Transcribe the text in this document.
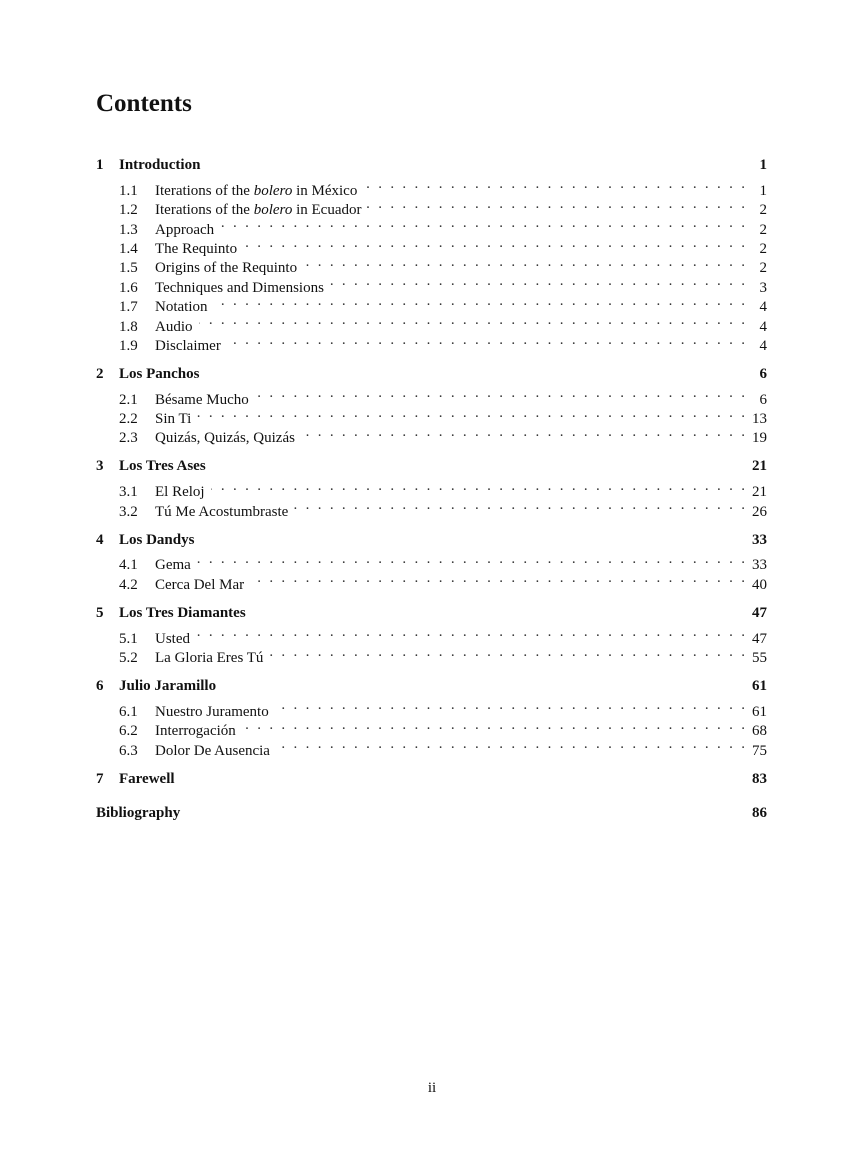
Contents
1	Introduction	1
1.1	Iterations of the bolero in México . . .	1
1.2	Iterations of the bolero in Ecuador . . .	2
1.3	Approach . . .	2
1.4	The Requinto . . .	2
1.5	Origins of the Requinto . . .	2
1.6	Techniques and Dimensions . . .	3
1.7	Notation . . .	4
1.8	Audio . . .	4
1.9	Disclaimer . . .	4
2	Los Panchos	6
2.1	Bésame Mucho . . .	6
2.2	Sin Ti . . .	13
2.3	Quizás, Quizás, Quizás . . .	19
3	Los Tres Ases	21
3.1	El Reloj . . .	21
3.2	Tú Me Acostumbraste . . .	26
4	Los Dandys	33
4.1	Gema . . .	33
4.2	Cerca Del Mar . . .	40
5	Los Tres Diamantes	47
5.1	Usted . . .	47
5.2	La Gloria Eres Tú . . .	55
6	Julio Jaramillo	61
6.1	Nuestro Juramento . . .	61
6.2	Interrogación . . .	68
6.3	Dolor De Ausencia . . .	75
7	Farewell	83
Bibliography	86
ii
